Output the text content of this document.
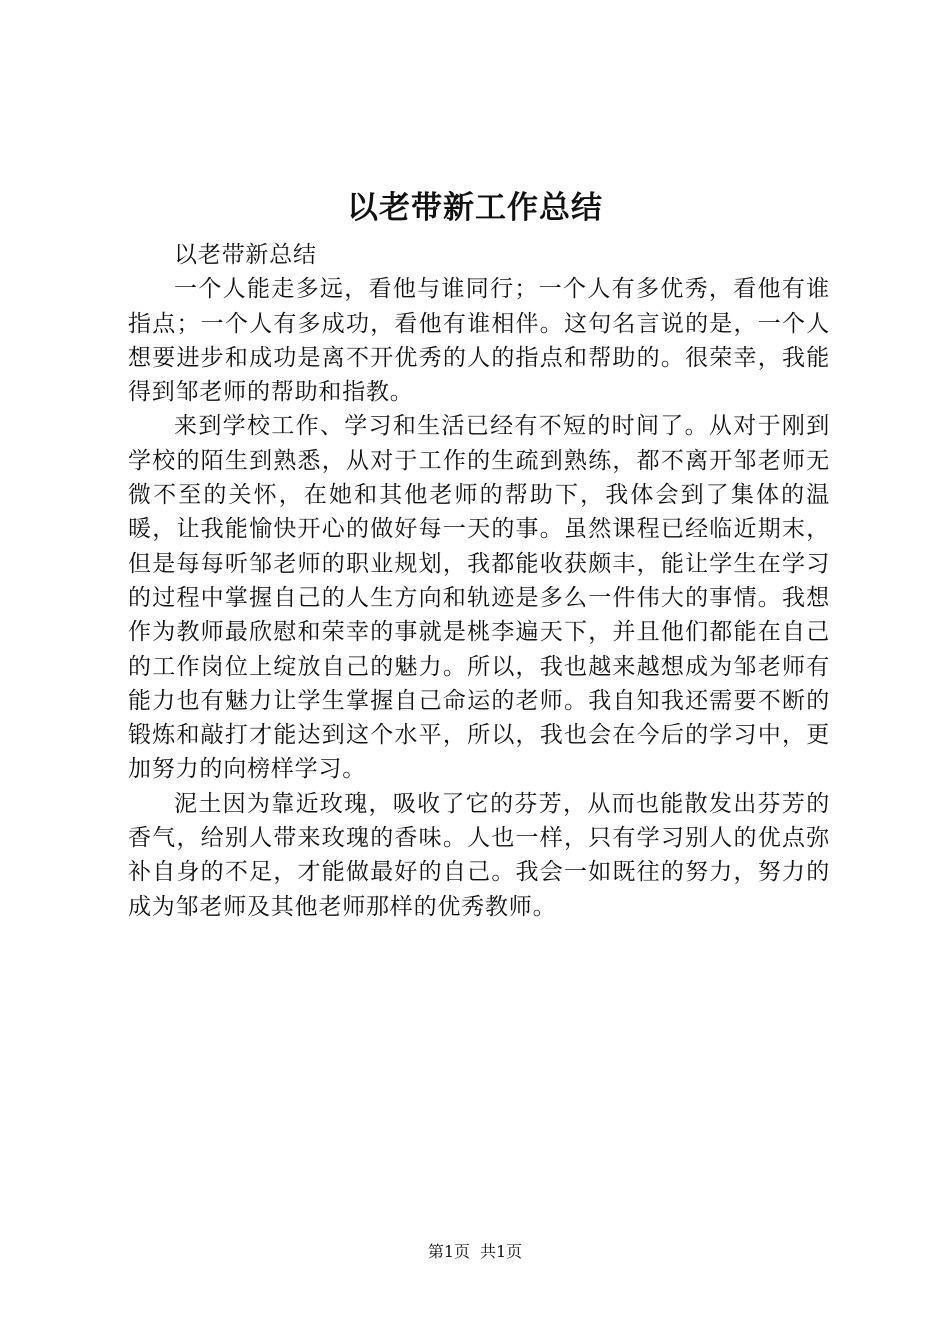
以老带新工作总结

以老带新总结

一个人能走多远，看他与谁同行；一个人有多优秀，看他有谁指点；一个人有多成功，看他有谁相伴。这句名言说的是，一个人想要进步和成功是离不开优秀的人的指点和帮助的。很荣幸，我能得到邹老师的帮助和指教。

来到学校工作、学习和生活已经有不短的时间了。从对于刚到学校的陌生到熟悉，从对于工作的生疏到熟练，都不离开邹老师无微不至的关怀，在她和其他老师的帮助下，我体会到了集体的温暖，让我能愉快开心的做好每一天的事。虽然课程已经临近期末，但是每每听邹老师的职业规划，我都能收获颇丰，能让学生在学习的过程中掌握自己的人生方向和轨迹是多么一件伟大的事情。我想作为教师最欣慰和荣幸的事就是桃李遍天下，并且他们都能在自己的工作岗位上绽放自己的魅力。所以，我也越来越想成为邹老师有能力也有魅力让学生掌握自己命运的老师。我自知我还需要不断的锻炼和敲打才能达到这个水平，所以，我也会在今后的学习中，更加努力的向榜样学习。

泥土因为靠近玫瑰，吸收了它的芬芳，从而也能散发出芬芳的香气，给别人带来玫瑰的香味。人也一样，只有学习别人的优点弥补自身的不足，才能做最好的自己。我会一如既往的努力，努力的成为邹老师及其他老师那样的优秀教师。

第1页 共1页
